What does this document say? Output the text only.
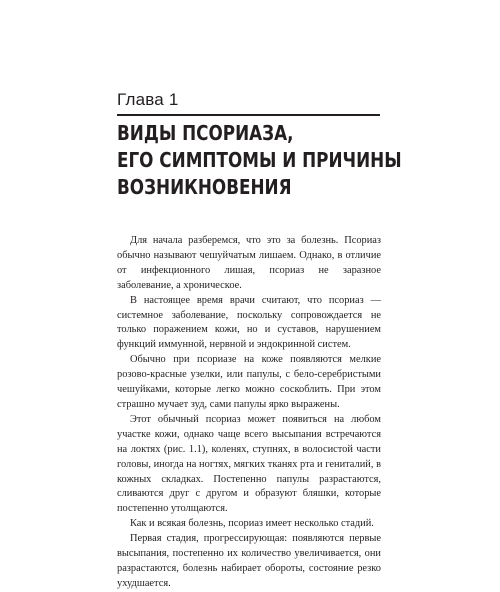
Глава 1
ВИДЫ ПСОРИАЗА,
ЕГО СИМПТОМЫ И ПРИЧИНЫ
ВОЗНИКНОВЕНИЯ

Для начала разберемся, что это за болезнь. Псориаз обычно называют чешуйчатым лишаем. Однако, в отличие от инфекционного лишая, псориаз не заразное заболевание, а хроническое.

В настоящее время врачи считают, что псориаз — системное заболевание, поскольку сопровождается не только поражением кожи, но и суставов, нарушением функций иммунной, нервной и эндокринной систем.

Обычно при псориазе на коже появляются мелкие розово-красные узелки, или папулы, с бело-серебристыми чешуйками, которые легко можно соскоблить. При этом страшно мучает зуд, сами папулы ярко выражены.

Этот обычный псориаз может появиться на любом участке кожи, однако чаще всего высыпания встречаются на локтях (рис. 1.1), коленях, ступнях, в волосистой части головы, иногда на ногтях, мягких тканях рта и гениталий, в кожных складках. Постепенно папулы разрастаются, сливаются друг с другом и образуют бляшки, которые постепенно утолщаются.

Как и всякая болезнь, псориаз имеет несколько стадий.

Первая стадия, прогрессирующая: появляются первые высыпания, постепенно их количество увеличивается, они разрастаются, болезнь набирает обороты, состояние резко ухудшается.
